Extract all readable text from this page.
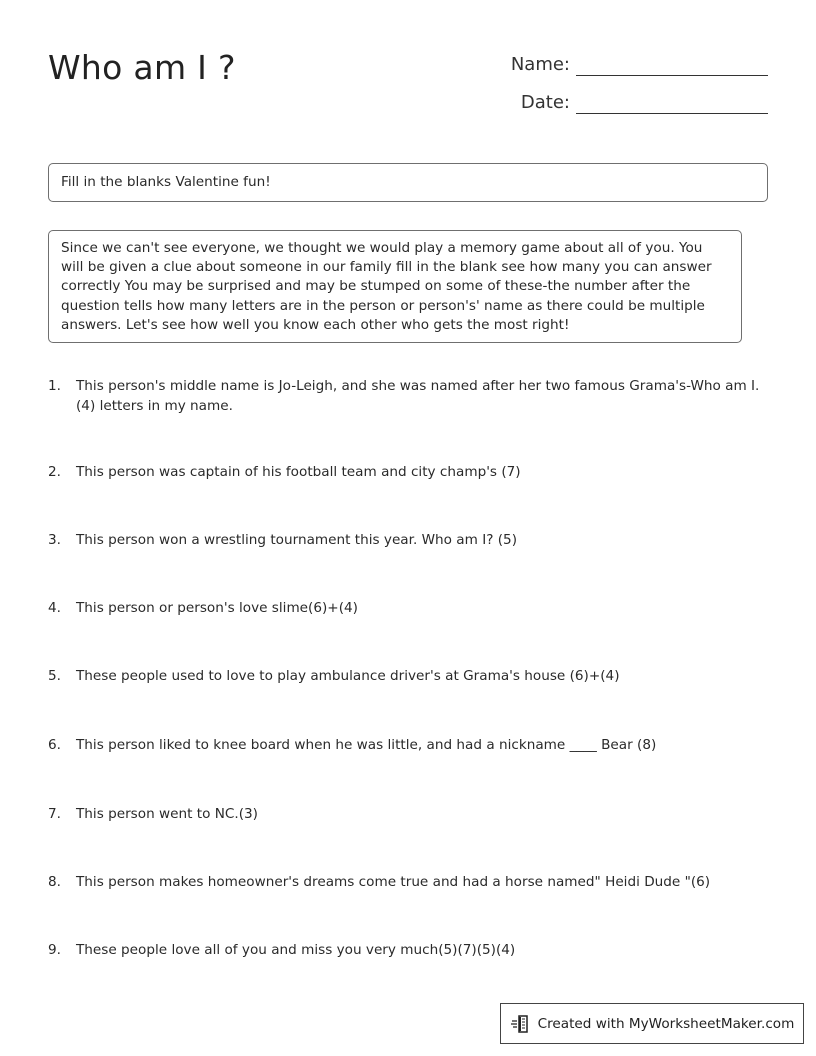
Who am I ?	Name:
Date:
Fill in the blanks Valentine fun!
Since we can't see everyone, we thought we would play a memory game about all of you. You will be given a clue about someone in our family fill in the blank see how many you can answer correctly You may be surprised and may be stumped on some of these-the number after the question tells how many letters are in the person or person's' name as there could be multiple answers. Let's see how well you know each other who gets the most right!
1.	This person's middle name is Jo-Leigh, and she was named after her two famous Grama's-Who am I. (4) letters in my name.
2.	This person was captain of his football team and city champ's (7)
3.	This person won a wrestling tournament this year. Who am I? (5)
4.	This person or person's love slime(6)+(4)
5.	These people used to love to play ambulance driver's at Grama's house (6)+(4)
6.	This person liked to knee board when he was little, and had a nickname ____ Bear (8)
7.	This person went to NC.(3)
8.	This person makes homeowner's dreams come true and had a horse named" Heidi Dude "(6)
9.	These people love all of you and miss you very much(5)(7)(5)(4)
Created with MyWorksheetMaker.com
